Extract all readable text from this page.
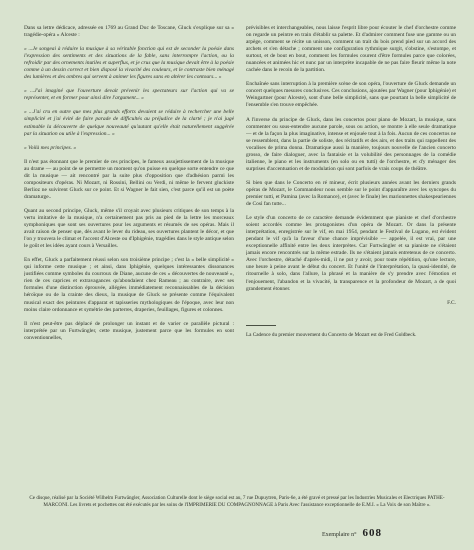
Dans sa lettre dédicace, adressée en 1769 au Grand Duc de Toscane, Gluck s'explique sur sa « tragédie-opéra » Alceste :

« ...Je songeai à réduire la musique à sa véritable fonction qui est de seconder la poésie dans l'expression des sentiments et des situations de la fable, sans interrompre l'action, ou la refroidir par des ornements inutiles et superflus, et je crus que la musique devait être à la poésie comme à un dessin correct et bien disposé la vivacité des couleurs, et le contraste bien ménagé des lumières et des ombres qui servent à animer les figures sans en altérer les contours... »

« ...J'ai imaginé que l'ouverture devait prévenir les spectateurs sur l'action qui va se représenter, et en former pour ainsi dire l'argument... »

« ...J'ai cru en outre que mes plus grands efforts devaient se réduire à rechercher une belle simplicité et j'ai évité de faire parade de difficultés au préjudice de la clarté ; je n'ai jugé estimable la découverte de quelque nouveauté qu'autant qu'elle était naturellement suggérée par la situation ou utile à l'expression... »

« Voilà mes principes. »

Il n'est pas étonnant que le premier de ces principes, le fameux assujettissement de la musique au drame — au point de se permettre un moment qu'on puisse en quelque sorte entendre ce que dit la musique — ait rencontré par la suite plus d'opposition que d'adhésion parmi les compositeurs d'opéras. Ni Mozart, ni Rossini, Bellini ou Verdi, ni même le fervent gluckiste Berlioz ne suivirent Gluck sur ce point. Et si Wagner le fait sien, c'est parce qu'il est un poète dramaturge..

Quant au second principe, Gluck, même s'il croyait avec plusieurs critiques de son temps à la vertu imitative de la musique, n'a certainement pas pris au pied de la lettre les morceaux symphoniques que sont ses ouvertures pour les arguments et résumés de ses opéras. Mais il avait raison de penser que, dès avant le lever du rideau, ses ouvertures plantent le décor, et que l'on y trouvera le climat et l'accent d'Alceste ou d'Iphigénie, tragédies dans le style antique selon le goût et les idées ayant cours à Versailles.

En effet, Gluck a parfaitement réussi selon son troisième principe ; c'est la « belle simplicité » qui informe cette musique ; et ainsi, dans Iphigénie, quelques intéressantes dissonances justifiées comme symboles du courroux de Diane, aucune de ces « découvertes de nouveauté », rien de ces caprices et extravagances qu'abondaient chez Rameau ; au contraire, avec ses formules d'une distinction éprouvée, allégées immédiatement reconnaissables de la décision héroïque ou de la crainte des dieux, la musique de Gluck se présente comme l'équivalent musical exact des peintures d'apparat et tapisseries mythologiques de l'époque, avec leur non moins claire ordonnance et symétrie des parterres, draperies, feuillages, figures et colonnes.

Il n'est peut-être pas déplacé de prolonger un instant et de varier ce parallèle pictural : interprétée par un Furtwängler, cette musique, justement parce que les formules en sont conventionnelles,

prévisibles et interchangeables, nous laisse l'esprit libre pour écouter le chef d'orchestre comme on regarde un peintre en train d'établir sa palette. Et d'admirer comment fuse une gamme ou un arpège, comment se récite un unisson, comment un trait du bois prend pied sur un accord des archets et s'en détache ; comment une configuration rythmique surgit, s'obstine, s'estompe, et surtout, et de bout en bout, comment les formules courent d'être formules parce que colorées, nuancées et animées hic et nunc par un interprète incapable de ne pas faire fleurir même la note cachée dans le recoin de la partition.

Enchaînée sans interruption à la première scène de son opéra, l'ouverture de Gluck demande un concert quelques mesures conclusives. Ces conclusions, ajoutées par Wagner (pour Iphigénie) et Weingartner (pour Alceste), sont d'une belle simplicité, sans que pourtant la belle simplicité de l'ensemble s'en trouve empêchée.

A l'inverse du principe de Gluck, dans les concertos pour piano de Mozart, la musique, sans commenter ou sous-entendre aucune parole, sous ou action, se montre à elle seule dramatique — et de la façon la plus imaginative, intense et enjouée tout à la fois. Aucun de ces concertos ne se ressemblent, dans la partie de soliste, des récitatifs et des airs, et des traits qui rappellent des vocalises de prima donna. Dramatique aussi la manière, toujours nouvelle de l'ancien concerto grosso, de faire dialoguer, avec la fantaisie et la volubilité des personnages de la comédie italienne, le piano et les instruments (en solo ou en tutti) de l'orchestre, et d'y ménager des surprises d'accentuation et de modulation qui sont parfois de vrais coups de théâtre.

Si bien que dans le Concerto en ré mineur, écrit plusieurs années avant les derniers grands opéras de Mozart, le Commandeur nous semble sur le point d'apparaître avec les syncopes du premier tutti, et Pamina (avec la Romance), et (avec le finale) les marionnettes shakespeariennes de Così fan tutte...

Le style d'un concerto de ce caractère demande évidemment que pianiste et chef d'orchestre soient accordés comme les protagonistes d'un opéra de Mozart. Or dans la présente interprétation, enregistrée sur le vif, en mai 1954, pendant le Festival de Lugano, est évident pendant le vif qu'à la faveur d'une chance imprévisible — appelée, il est vrai, par une exceptionnelle affinité entre les deux interprètes. Car Furtwängler et sa pianiste ne s'étaient jamais encore rencontrés sur la même estrade. Ils ne s'étaient jamais entretenus de ce concerto. Avec l'orchestre, détaché d'après-midi, il ne put y avoir, pour toute répétition, qu'une lecture, une heure à peine avant le début du concert. Et l'unité de l'interprétation, la quasi-identité, de ritournelle à solo, dans l'allure, la phrasé et la manière de s'y prendre avec l'émotion et l'enjouement, l'abandon et la vivacité, la transparence et la profondeur de Mozart, a de quoi grandement étonner.

F.C.

La Cadence du premier mouvement du Concerto de Mozart est de Fred Goldbeck.

Ce disque, réalisé par la Société Wilhelm Furtwängler, Association Culturelle dont le siège social est au, 7 rue Dupuytren, Paris-6e, a été gravé et pressé par les Industries Musicales et Electriques PATHE-MARCONI. Les livrets et pochettes ont été exécutés par les soins de l'IMPRIMERIE DU COMPAGNONNAGE à Paris Avec l'assistance exceptionnelle de E.M.I. « La Voix de son Maître ».

Exemplaire n° 608
